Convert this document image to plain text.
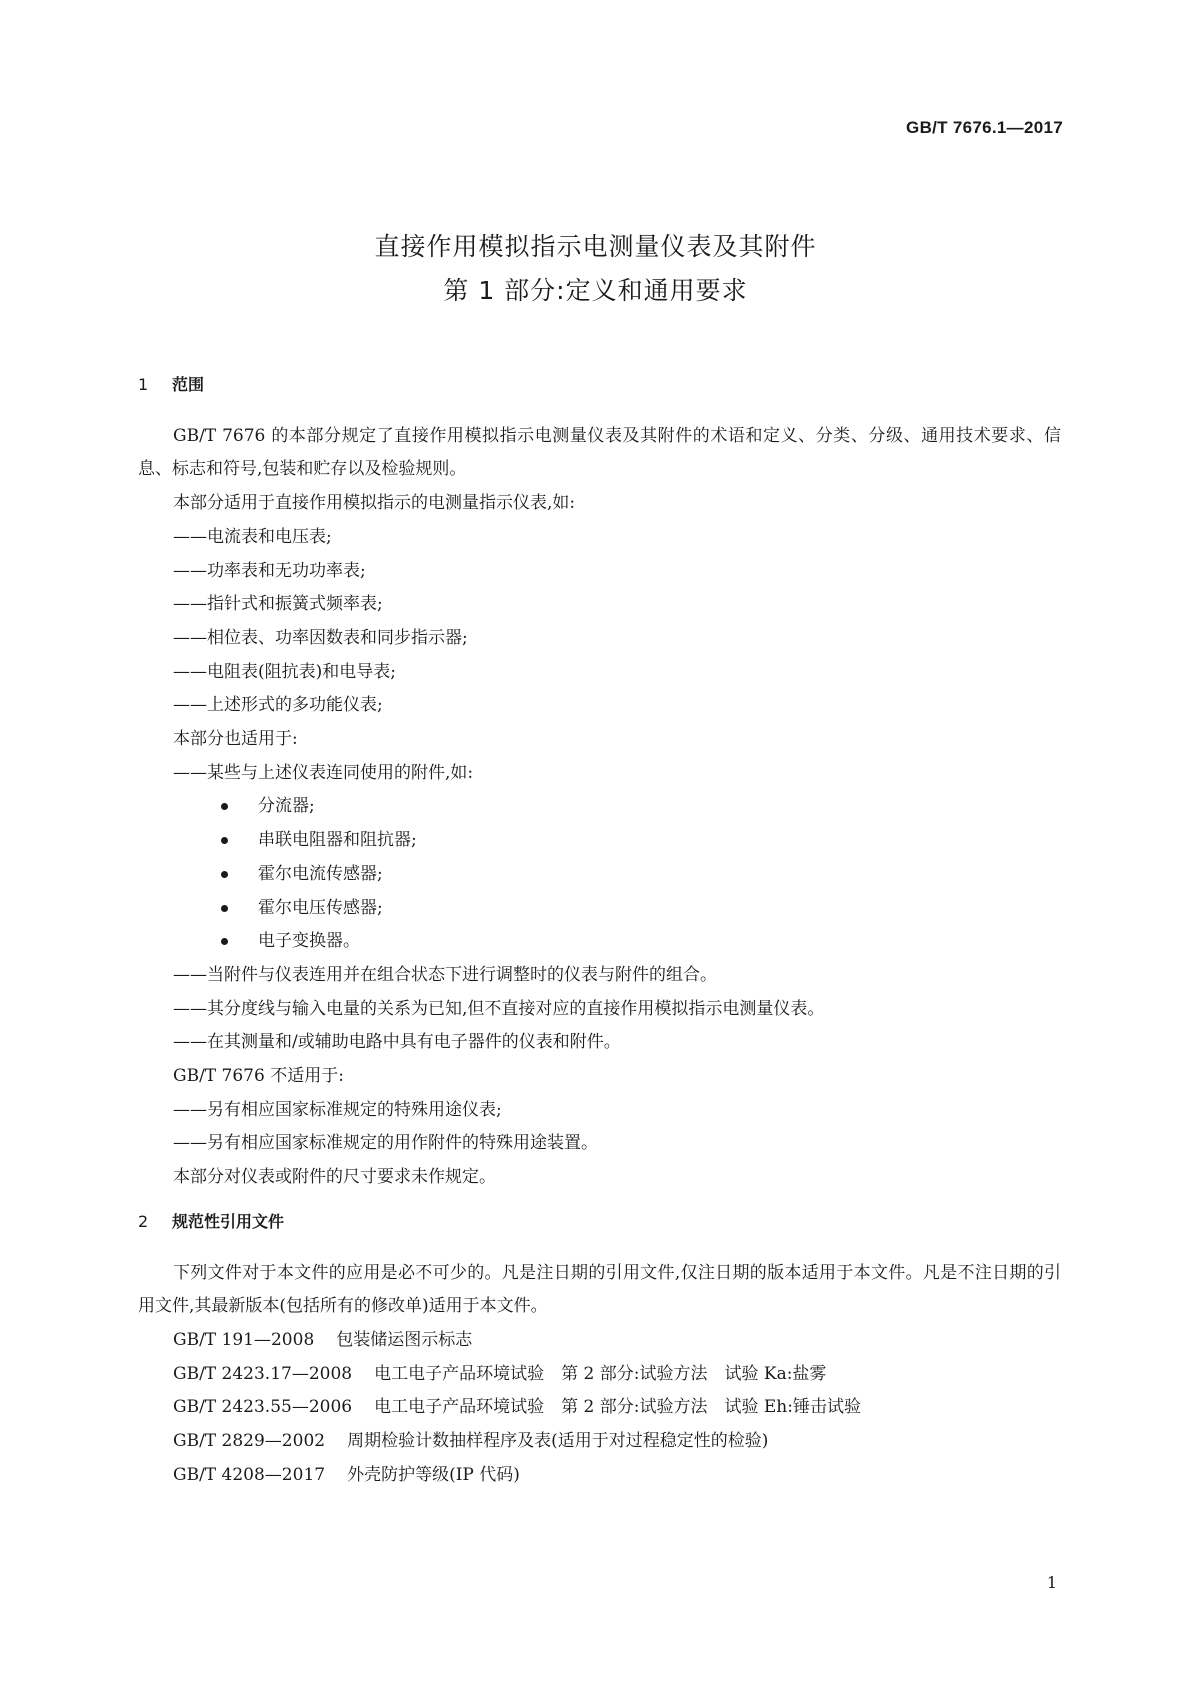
GB/T 7676.1—2017
直接作用模拟指示电测量仪表及其附件
第 1 部分:定义和通用要求
1 范围
GB/T 7676 的本部分规定了直接作用模拟指示电测量仪表及其附件的术语和定义、分类、分级、通用技术要求、信息、标志和符号,包装和贮存以及检验规则。
本部分适用于直接作用模拟指示的电测量指示仪表,如:
——电流表和电压表;
——功率表和无功功率表;
——指针式和振簧式频率表;
——相位表、功率因数表和同步指示器;
——电阻表(阻抗表)和电导表;
——上述形式的多功能仪表;
本部分也适用于:
——某些与上述仪表连同使用的附件,如:
分流器;
串联电阻器和阻抗器;
霍尔电流传感器;
霍尔电压传感器;
电子变换器。
——当附件与仪表连用并在组合状态下进行调整时的仪表与附件的组合。
——其分度线与输入电量的关系为已知,但不直接对应的直接作用模拟指示电测量仪表。
——在其测量和/或辅助电路中具有电子器件的仪表和附件。
GB/T 7676 不适用于:
——另有相应国家标准规定的特殊用途仪表;
——另有相应国家标准规定的用作附件的特殊用途装置。
本部分对仪表或附件的尺寸要求未作规定。
2 规范性引用文件
下列文件对于本文件的应用是必不可少的。凡是注日期的引用文件,仅注日期的版本适用于本文件。凡是不注日期的引用文件,其最新版本(包括所有的修改单)适用于本文件。
GB/T 191—2008 包装储运图示标志
GB/T 2423.17—2008 电工电子产品环境试验　第 2 部分:试验方法　试验 Ka:盐雾
GB/T 2423.55—2006 电工电子产品环境试验　第 2 部分:试验方法　试验 Eh:锤击试验
GB/T 2829—2002 周期检验计数抽样程序及表(适用于对过程稳定性的检验)
GB/T 4208—2017 外壳防护等级(IP 代码)
1
